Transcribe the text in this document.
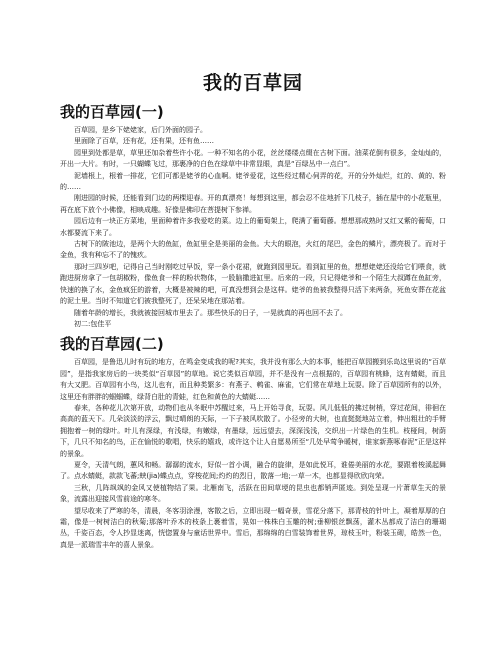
我的百草园
我的百草园(一)

百草园，是乡下姥姥家，后门外面的园子。

里面除了百草，还有花，还有果，还有鱼……

园里到处都是草，草里还加杂着些许小花。一种不知名的小花，丝丝缕缕点缀在古树下面。油菜花倒有很多，金灿灿的，开出一大片。有时，一只蝴蝶飞过，那裹净的白色在绿草中非常显眼，真是“百绿丛中一点白”。

泥墙根上，根着一排花，它们可都是姥爷的心血啊。姥爷爱花，这些经过精心伺弄的花，开的分外灿烂，红的、黄的、粉的……

刚进园的时候，还能看到门边的两棵迎春。开的真漂亮！每想到这里，都会忍不住地折下几枝子，插在屋中的小花瓶里，再在底下放个小佛像，相映成趣。好像是佛印在菩提树下参禅。

园后边有一块正方菜地，里面种着许多我爱吃的菜。边上的葡萄架上，爬满了葡萄藤。想想那成熟时又红又紫的葡萄，口水都要流下来了。

古树下的陂池边，是两个大的鱼缸，鱼缸里全是美丽的金鱼。大大的眼泡，火红的尾巴，金色的鳞片，漂亮极了。而对于金鱼，我有种忘不了的愧疚。

那时三四岁吧，记得自己当时刚吃过早饭，穿一条小花裙，就跑到园里玩。看到缸里的鱼，想想姥姥还没给它们喂食，就跑进厨房拿了一包胡椒粉，像鱼食一样的粉状物体，一股脑撒进缸里。后来的一段，只记得姥爷和一个陌生大叔蹲在鱼缸旁，快速的换了水，金鱼疯狂的游着，大概是被辣的吧，可真没想到会是这样。姥爷的鱼被我整得只活下来两条，死鱼安葬在花盆的泥土里。当时不知道它们被我整死了，还呆呆地在那站着。

随着年龄的增长，我就被接回城市里去了。那些快乐的日子，一晃就真的再也回不去了。

初二:包佳平

我的百草园(二)

百草园，是鲁迅儿时有玩的地方，在鸣金变成我的呢?其实，我并没有那么大的本事，能把百草园搬到乐岛这里说的“百草园”，是指我家房后的一块类似“百草园”的草地。说它类似百草园，并不是没有一点根据的，百草园有桃蜂，这有蜻蜓，而且有大又肥。百草园有小鸟，这儿也有，而且种类繁多：有燕子、鹌雀、麻雀，它们常在草地上玩耍。除了百草园所有的以外，这里还有胖胖的蝈蝈蝶，绿背白肚的青蛙，红色和黄色的大蜻蜓……

春来，各种花儿次第开放，动物们也从冬眠中苏醒过来，马上开始寻食，玩耍。风儿低低的拂过树梢，穿过花间，徘徊在高高的蓝天下。几朵淡淡的浮云，飘过晴朗的天际，一下子被风吹散了。小径旁的大树，也直挺挺地站立着，伸出粗壮的手臂拥抱着一树的绿叶。叶儿有深绿，有浅绿，有嫩绿，有墨绿，远远望去，深深浅浅，交织出一片绿色的生机。枝桠间，树荫下，几只不知名的鸟，正在愉悦的歌唱，快乐的嬉戏，或许这个让人自愿易所至“几处早莺争暖树，谁家新燕啄春泥”正是这样的景象。

夏令，天清气朗，蕙风和畅。潺潺的流水，好似一首小调，融合的旋律，是如此悦耳，谁倦美丽的水花，要跟着梭溪起舞了。点水蜻蜓，款款飞蕃;蛱(jia)蝶点点，穿梭花间;灼灼的烈日，散落一地;一草一木，也都显得欣欣向荣。

三秋，几阵飒飒的金风又使植物结了果。北雁南飞，活跃在田间草埂的昆虫也都销声匿迹。到处呈现一片萧草生天的景象，流露出迎接风雪前途的寒冬。

望尽收来了严寒的冬，清晨，冬客羽涂漫，客散之后，立即出现一幅奇景，雪花分落下，那青枝的针叶上，凝着厚厚的白霜，像是一树树洁白的秋菊;那落叶乔木的枝条上裹着雪，晃如一株株白玉雕的树;垂柳银丝飘荡，灌木丛都成了洁白的珊瑚丛，千姿百态，令人抄显迷离，恍惚置身与童话世界中。雪后，那绵绵的白雪装饰着世界，琼枝玉叶，粉装玉砌，皓然一色，真是一派瑞雪丰年的喜人景象。
